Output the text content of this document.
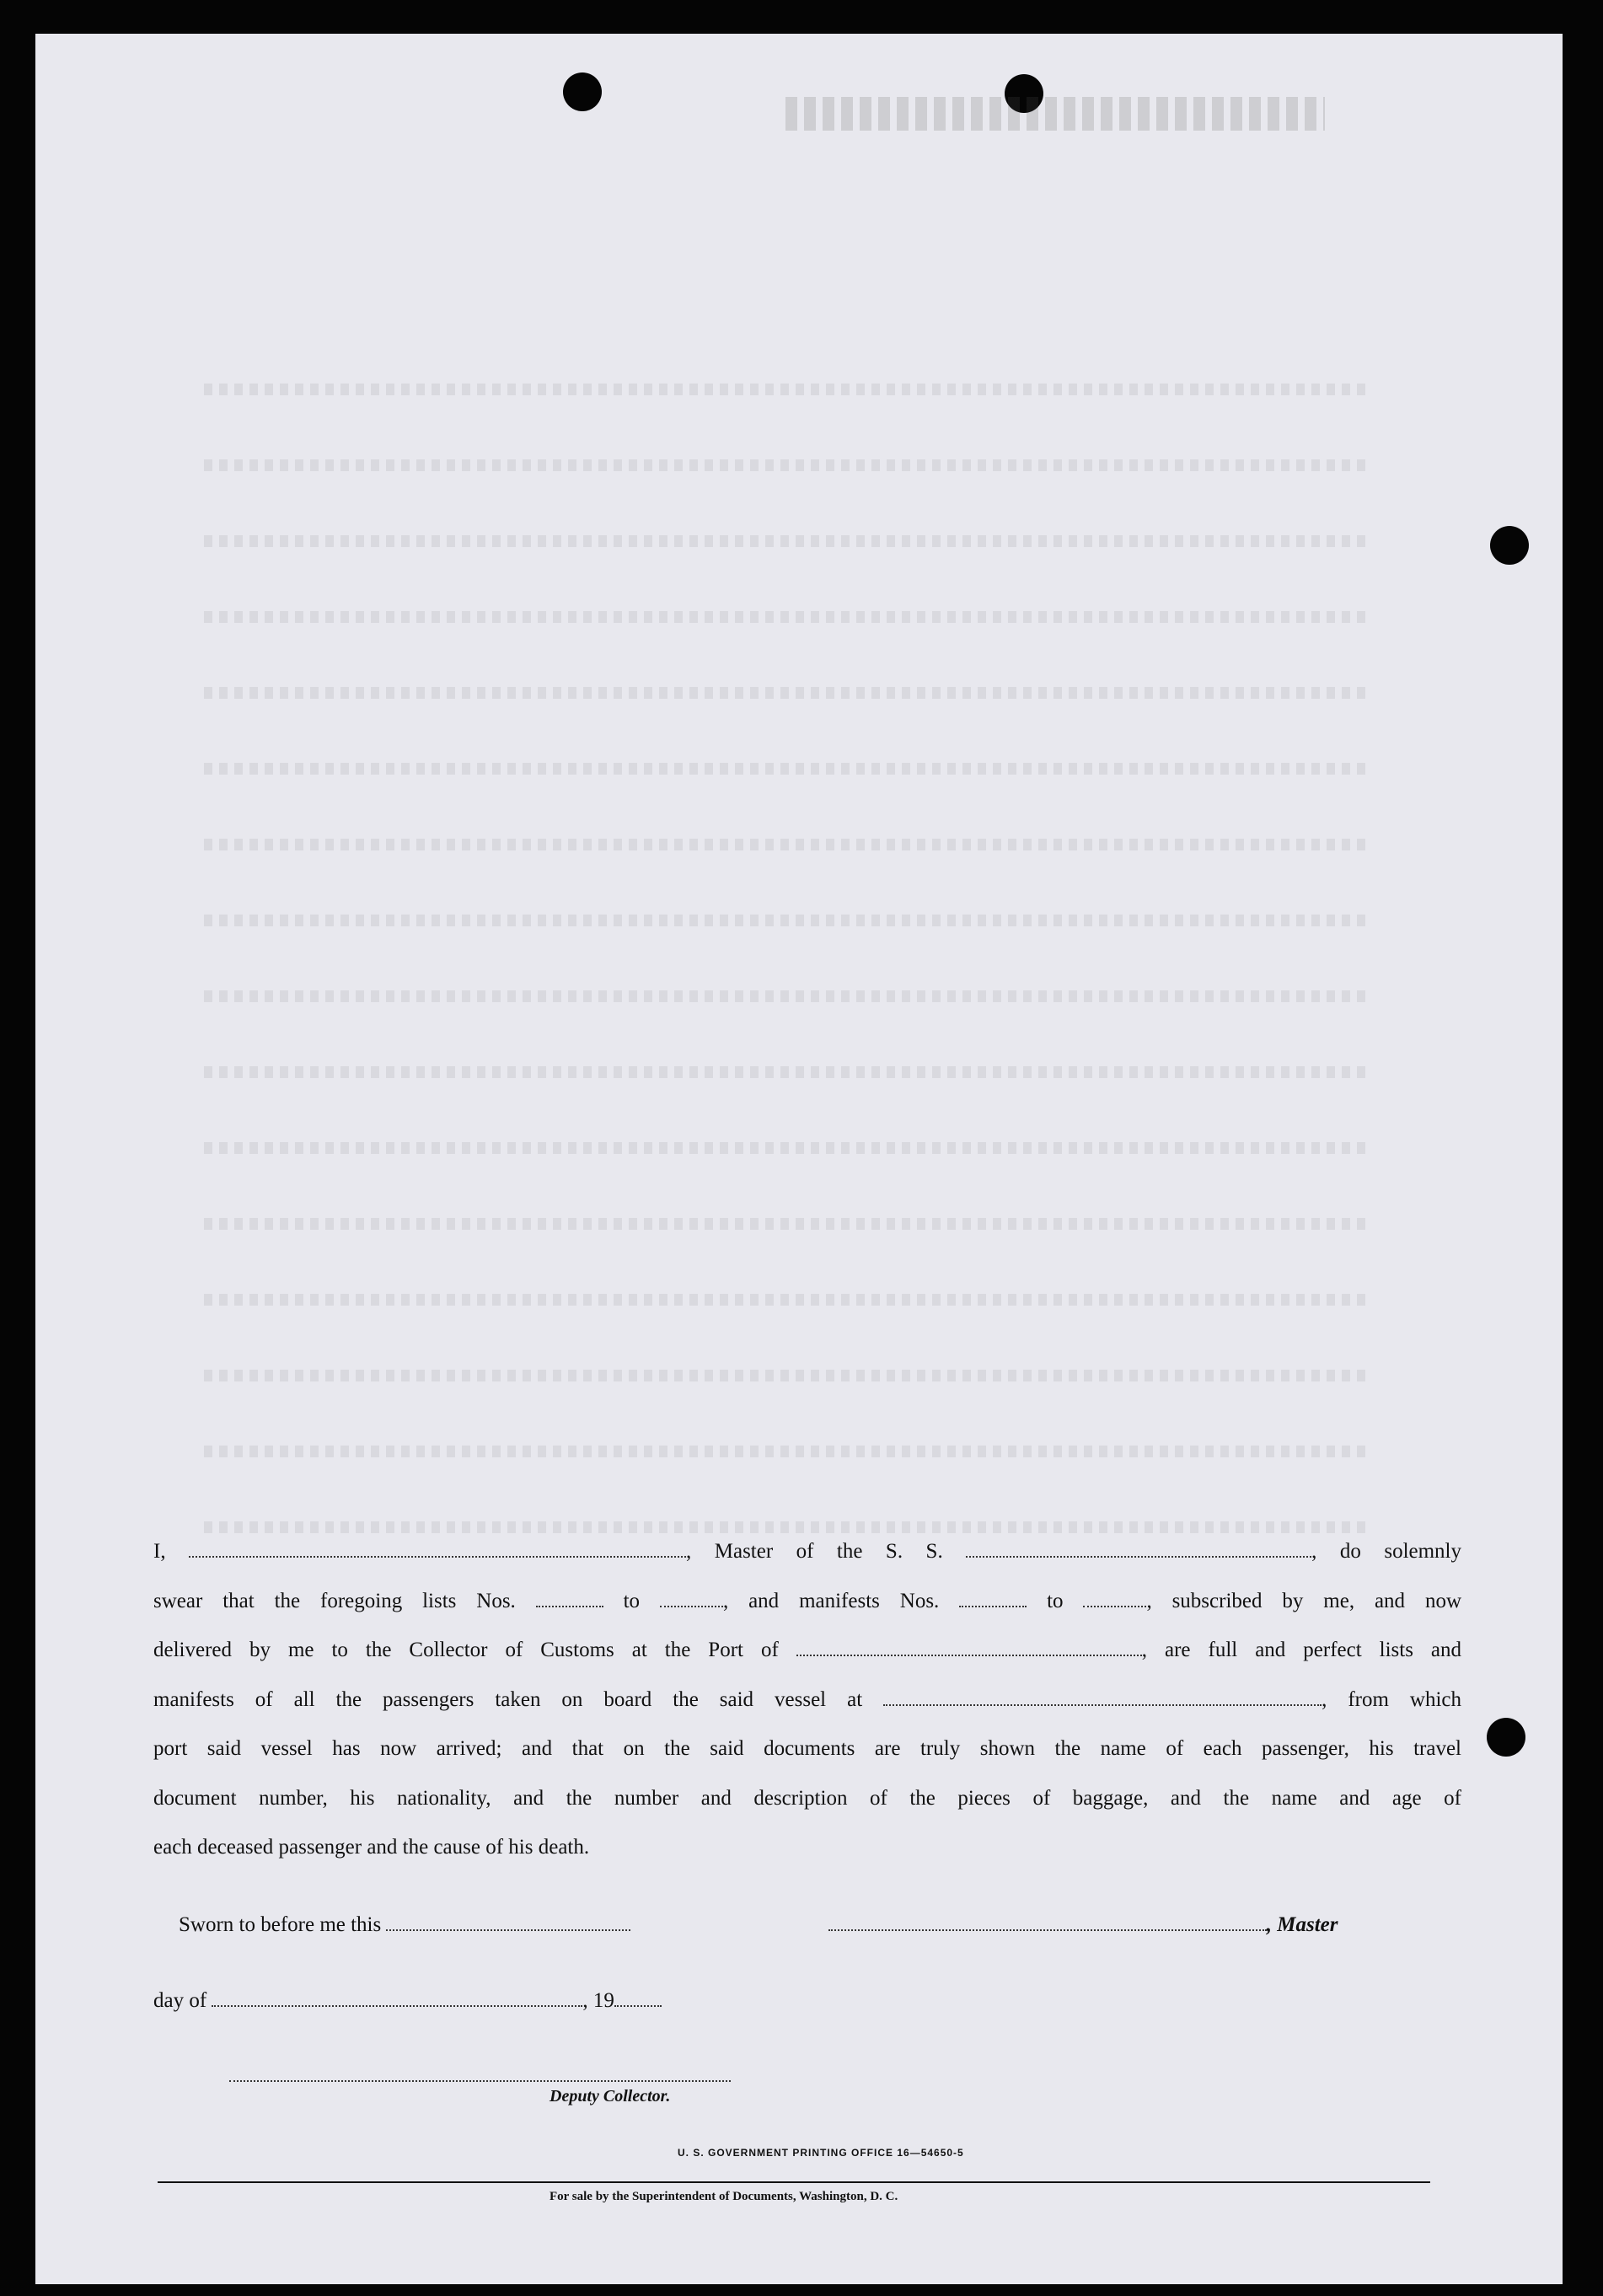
I,	, Master of the S. S.	, do solemnly

swear that the foregoing lists Nos.	to	, and manifests Nos.	to	, subscribed by me, and now

delivered by me to the Collector of Customs at the Port of	, are full and perfect lists and

manifests of all the passengers taken on board the said vessel at	, from which

port said vessel has now arrived; and that on the said documents are truly shown the name of each passenger, his travel

document number, his nationality, and the number and description of the pieces of baggage, and the name and age of

each deceased passenger and the cause of his death.

Sworn to before me this	, Master
day of	, 19
Deputy Collector.
U. S. GOVERNMENT PRINTING OFFICE 16—54650-5
For sale by the Superintendent of Documents, Washington, D. C.
